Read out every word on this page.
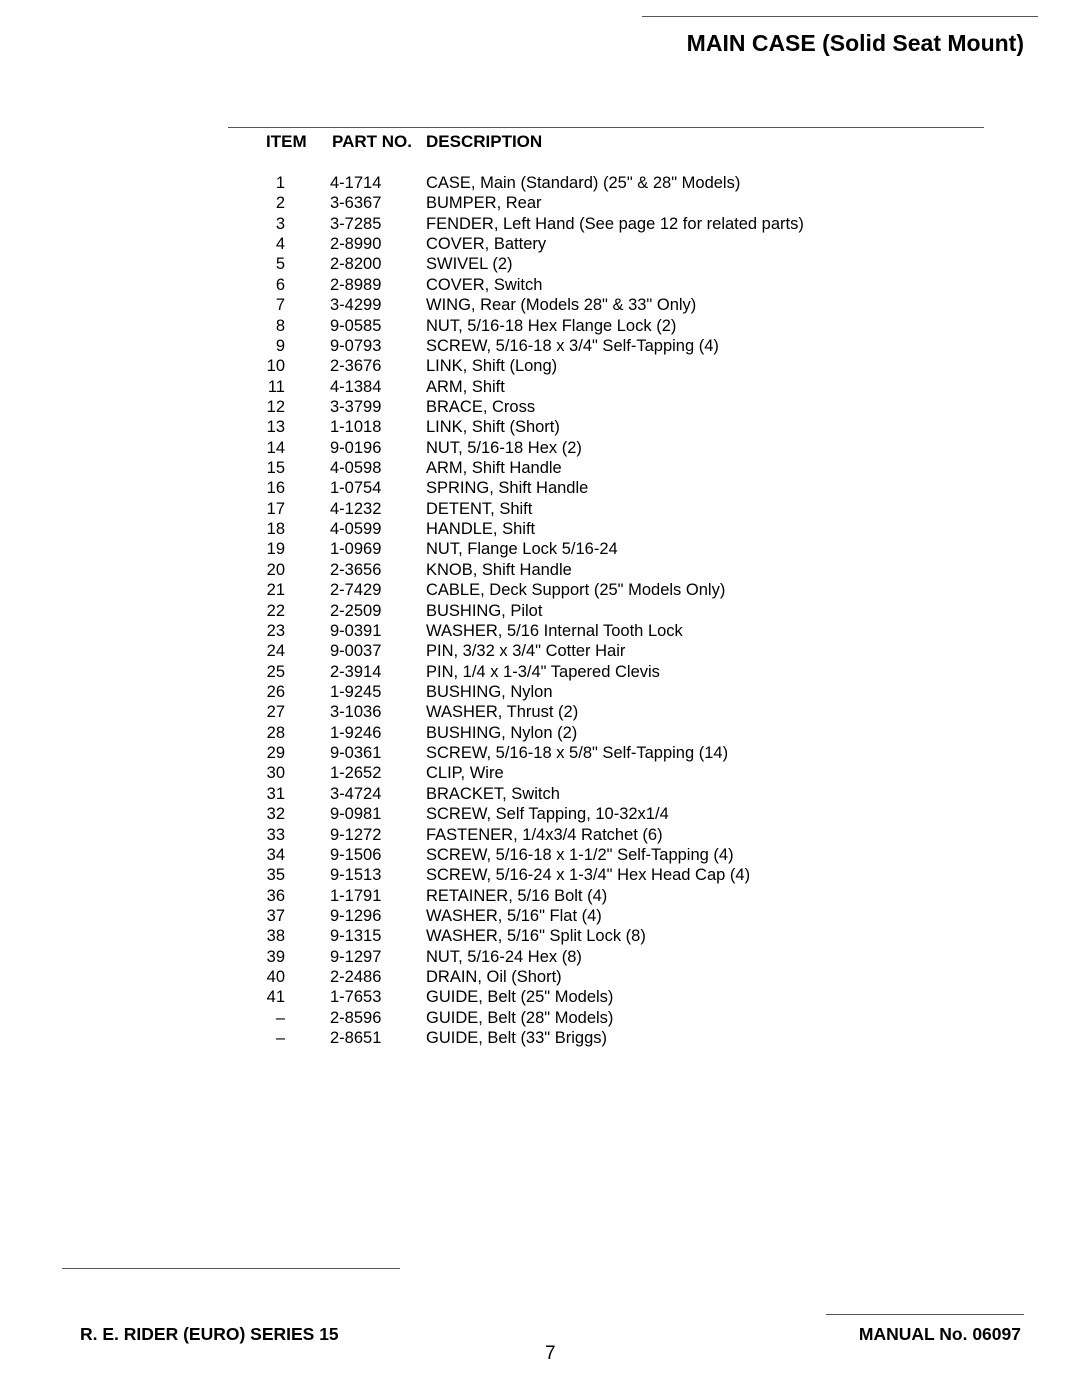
MAIN CASE (Solid Seat Mount)
ITEM PART NO. DESCRIPTION
1	4-1714	CASE, Main (Standard) (25" & 28" Models)
2	3-6367	BUMPER, Rear
3	3-7285	FENDER, Left Hand (See page 12 for related parts)
4	2-8990	COVER, Battery
5	2-8200	SWIVEL (2)
6	2-8989	COVER, Switch
7	3-4299	WING, Rear (Models 28" & 33" Only)
8	9-0585	NUT, 5/16-18 Hex Flange Lock (2)
9	9-0793	SCREW, 5/16-18 x 3/4" Self-Tapping (4)
10	2-3676	LINK, Shift (Long)
11	4-1384	ARM, Shift
12	3-3799	BRACE, Cross
13	1-1018	LINK, Shift (Short)
14	9-0196	NUT, 5/16-18 Hex (2)
15	4-0598	ARM, Shift Handle
16	1-0754	SPRING, Shift Handle
17	4-1232	DETENT, Shift
18	4-0599	HANDLE, Shift
19	1-0969	NUT, Flange Lock 5/16-24
20	2-3656	KNOB, Shift Handle
21	2-7429	CABLE, Deck Support (25" Models Only)
22	2-2509	BUSHING, Pilot
23	9-0391	WASHER, 5/16 Internal Tooth Lock
24	9-0037	PIN, 3/32 x 3/4" Cotter Hair
25	2-3914	PIN, 1/4 x 1-3/4" Tapered Clevis
26	1-9245	BUSHING, Nylon
27	3-1036	WASHER, Thrust (2)
28	1-9246	BUSHING, Nylon (2)
29	9-0361	SCREW, 5/16-18 x 5/8" Self-Tapping (14)
30	1-2652	CLIP, Wire
31	3-4724	BRACKET, Switch
32	9-0981	SCREW, Self Tapping, 10-32x1/4
33	9-1272	FASTENER, 1/4x3/4 Ratchet (6)
34	9-1506	SCREW, 5/16-18 x 1-1/2" Self-Tapping (4)
35	9-1513	SCREW, 5/16-24 x 1-3/4" Hex Head Cap (4)
36	1-1791	RETAINER, 5/16 Bolt (4)
37	9-1296	WASHER, 5/16" Flat (4)
38	9-1315	WASHER, 5/16" Split Lock (8)
39	9-1297	NUT, 5/16-24 Hex (8)
40	2-2486	DRAIN, Oil (Short)
41	1-7653	GUIDE, Belt (25" Models)
–	2-8596	GUIDE, Belt (28" Models)
–	2-8651	GUIDE, Belt (33" Briggs)
R. E. RIDER (EURO) SERIES 15
7
MANUAL No. 06097
